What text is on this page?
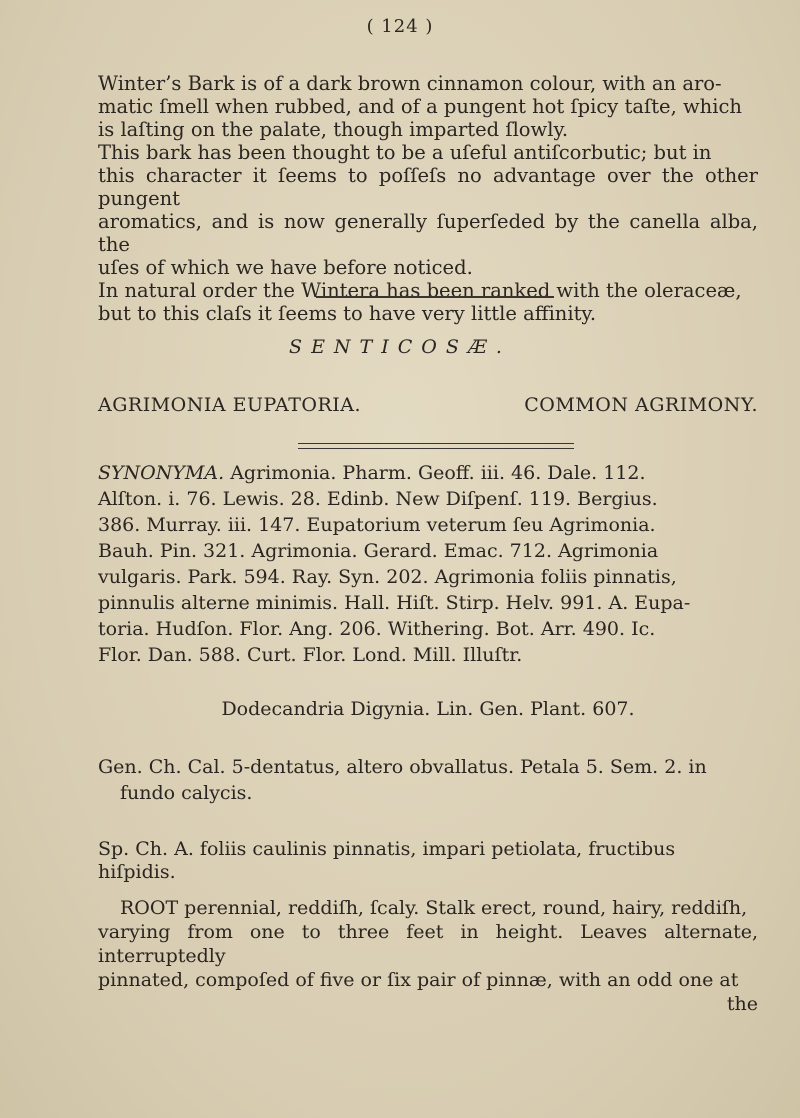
( 124 )
Winter’s Bark is of a dark brown cinnamon colour, with an aro-
matic ſmell when rubbed, and of a pungent hot ſpicy taſte, which
is laſting on the palate, though imparted ſlowly.
This bark has been thought to be a uſeful antiſcorbutic; but in
this character it ſeems to poſſeſs no advantage over the other pungent
aromatics, and is now generally ſuperſeded by the canella alba, the
uſes of which we have before noticed.
In natural order the Wintera has been ranked with the oleraceæ,
but to this claſs it ſeems to have very little affinity.
SENTICOSÆ.
AGRIMONIA EUPATORIA.	COMMON AGRIMONY.
SYNONYMA. Agrimonia. Pharm. Geoff. iii. 46. Dale. 112.
Alſton. i. 76. Lewis. 28. Edinb. New Diſpenſ. 119. Bergius.
386. Murray. iii. 147. Eupatorium veterum ſeu Agrimonia.
Bauh. Pin. 321. Agrimonia. Gerard. Emac. 712. Agrimonia
vulgaris. Park. 594. Ray. Syn. 202. Agrimonia foliis pinnatis,
pinnulis alterne minimis. Hall. Hiſt. Stirp. Helv. 991. A. Eupa-
toria. Hudſon. Flor. Ang. 206. Withering. Bot. Arr. 490. Ic.
Flor. Dan. 588. Curt. Flor. Lond. Mill. Illuſtr.
Dodecandria Digynia. Lin. Gen. Plant. 607.
Gen. Ch. Cal. 5-dentatus, altero obvallatus. Petala 5. Sem. 2. in
fundo calycis.
Sp. Ch. A. foliis caulinis pinnatis, impari petiolata, fructibus hiſpidis.
ROOT perennial, reddiſh, ſcaly. Stalk erect, round, hairy, reddiſh,
varying from one to three feet in height. Leaves alternate, interruptedly
pinnated, compoſed of five or ſix pair of pinnæ, with an odd one at
the
